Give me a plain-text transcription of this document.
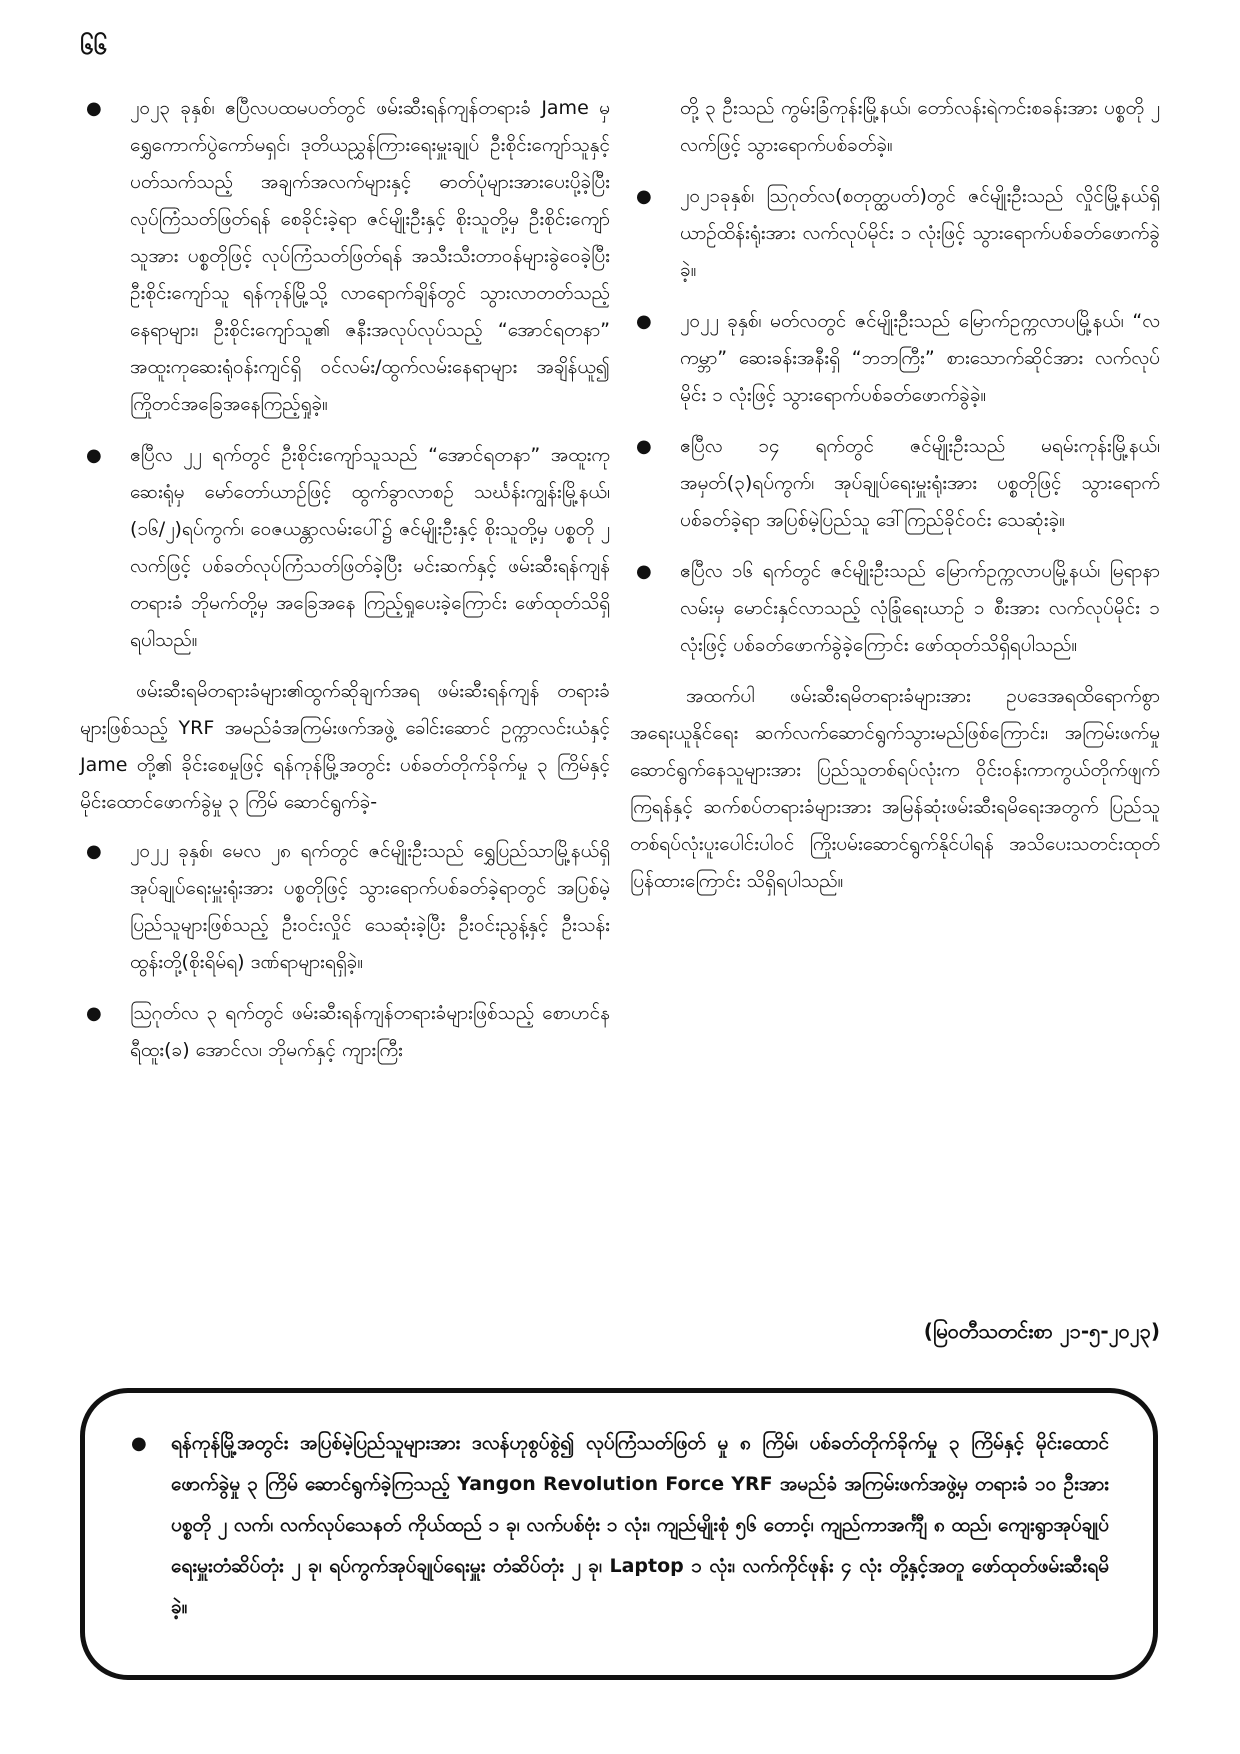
၆၆
● ၂၀၂၃ ခုနှစ်၊ ဧပြီလပထမပတ်တွင် ဖမ်းဆီးရန်ကျန်တရားခံ Jame မှ ရွှေကောက်ပွဲကော်မရှင်၊ ဒုတိယညွှန်ကြားရေးမှူးချုပ် ဦးစိုင်းကျော်သူနှင့်ပတ်သက်သည့် အချက်အလက်များနှင့် ဓာတ်ပုံများအားပေးပို့ခဲ့ပြီး လုပ်ကြံသတ်ဖြတ်ရန် စေခိုင်းခဲ့ရာ ဇင်မျိုးဦးနှင့် စိုးသူတို့မှ ဦးစိုင်းကျော်သူအား ပစ္စတိုဖြင့် လုပ်ကြံသတ်ဖြတ်ရန် အသီးသီးတာဝန်များခွဲဝေခဲ့ပြီး ဦးစိုင်းကျော်သူ ရန်ကုန်မြို့သို့ လာရောက်ချိန်တွင် သွားလာတတ်သည့် နေရာများ၊ ဦးစိုင်းကျော်သူ၏ ဇနီးအလုပ်လုပ်သည့် “အောင်ရတနာ” အထူးကုဆေးရုံဝန်းကျင်ရှိ ဝင်လမ်း/ထွက်လမ်းနေရာများ အချိန်ယူ၍ ကြိုတင်အခြေအနေကြည့်ရှုခဲ့။
● ဧပြီလ ၂၂ ရက်တွင် ဦးစိုင်းကျော်သူသည် “အောင်ရတနာ” အထူးကုဆေးရုံမှ မော်တော်ယာဉ်ဖြင့် ထွက်ခွာလာစဉ် သင်္ဃန်းကျွန်းမြို့နယ်၊ (၁၆/၂)ရပ်ကွက်၊ ဝေဇယန္တာလမ်းပေါ်၌ ဇင်မျိုးဦးနှင့် စိုးသူတို့မှ ပစ္စတို ၂ လက်ဖြင့် ပစ်ခတ်လုပ်ကြံသတ်ဖြတ်ခဲ့ပြီး မင်းဆက်နှင့် ဖမ်းဆီးရန်ကျန်တရားခံ ဘိုမက်တို့မှ အခြေအနေ ကြည့်ရှုပေးခဲ့ကြောင်း ဖော်ထုတ်သိရှိရပါသည်။

ဖမ်းဆီးရမိတရားခံများ၏ထွက်ဆိုချက်အရ ဖမ်းဆီးရန်ကျန် တရားခံများဖြစ်သည့် YRF အမည်ခံအကြမ်းဖက်အဖွဲ့ ခေါင်းဆောင် ဥက္ကာလင်းယံနှင့် Jame တို့၏ ခိုင်းစေမှုဖြင့် ရန်ကုန်မြို့အတွင်း ပစ်ခတ်တိုက်ခိုက်မှု ၃ ကြိမ်နှင့် မိုင်းထောင်ဖောက်ခွဲမှု ၃ ကြိမ် ဆောင်ရွက်ခဲ့-

● ၂၀၂၂ ခုနှစ်၊ မေလ ၂၈ ရက်တွင် ဇင်မျိုးဦးသည် ရွှေပြည်သာမြို့နယ်ရှိ အုပ်ချုပ်ရေးမှူးရုံးအား ပစ္စတိုဖြင့် သွားရောက်ပစ်ခတ်ခဲ့ရာတွင် အပြစ်မဲ့ပြည်သူများဖြစ်သည့် ဦးဝင်းလှိုင် သေဆုံးခဲ့ပြီး ဦးဝင်းညွန့်နှင့် ဦးသန်းထွန်းတို့(စိုးရိမ်ရ) ဒဏ်ရာများရရှိခဲ့။
● ဩဂုတ်လ ၃ ရက်တွင် ဖမ်းဆီးရန်ကျန်တရားခံများဖြစ်သည့် စောဟင်နရီထူး(ခ) အောင်လ၊ ဘိုမက်နှင့် ကျားကြီး
တို့ ၃ ဦးသည် ကွမ်းခြံကုန်းမြို့နယ်၊ တော်လန်းရဲကင်းစခန်းအား ပစ္စတို ၂ လက်ဖြင့် သွားရောက်ပစ်ခတ်ခဲ့။
● ၂၀၂၁ခုနှစ်၊ ဩဂုတ်လ(စတုတ္ထပတ်)တွင် ဇင်မျိုးဦးသည် လှိုင်မြို့နယ်ရှိ ယာဉ်ထိန်းရုံးအား လက်လုပ်မိုင်း ၁ လုံးဖြင့် သွားရောက်ပစ်ခတ်ဖောက်ခွဲခဲ့။
● ၂၀၂၂ ခုနှစ်၊ မတ်လတွင် ဇင်မျိုးဦးသည် မြောက်ဥက္ကလာပမြို့နယ်၊ “လကမ္ဘာ” ဆေးခန်းအနီးရှိ “ဘဘကြီး” စားသောက်ဆိုင်အား လက်လုပ်မိုင်း ၁ လုံးဖြင့် သွားရောက်ပစ်ခတ်ဖောက်ခွဲခဲ့။
● ဧပြီလ ၁၄ ရက်တွင် ဇင်မျိုးဦးသည် မရမ်းကုန်းမြို့နယ်၊ အမှတ်(၃)ရပ်ကွက်၊ အုပ်ချုပ်ရေးမှူးရုံးအား ပစ္စတိုဖြင့် သွားရောက်ပစ်ခတ်ခဲ့ရာ အပြစ်မဲ့ပြည်သူ ဒေါ်ကြည်ခိုင်ဝင်း သေဆုံးခဲ့။
● ဧပြီလ ၁၆ ရက်တွင် ဇင်မျိုးဦးသည် မြောက်ဥက္ကလာပမြို့နယ်၊ မြရာနာလမ်းမှ မောင်းနှင်လာသည့် လုံခြုံရေးယာဉ် ၁ စီးအား လက်လုပ်မိုင်း ၁ လုံးဖြင့် ပစ်ခတ်ဖောက်ခွဲခဲ့ကြောင်း ဖော်ထုတ်သိရှိရပါသည်။

အထက်ပါ ဖမ်းဆီးရမိတရားခံများအား ဥပဒေအရထိရောက်စွာအရေးယူနိုင်ရေး ဆက်လက်ဆောင်ရွက်သွားမည်ဖြစ်ကြောင်း၊ အကြမ်းဖက်မှုဆောင်ရွက်နေသူများအား ပြည်သူတစ်ရပ်လုံးက ဝိုင်းဝန်းကာကွယ်တိုက်ဖျက်ကြရန်နှင့် ဆက်စပ်တရားခံများအား အမြန်ဆုံးဖမ်းဆီးရမိရေးအတွက် ပြည်သူတစ်ရပ်လုံးပူးပေါင်းပါဝင် ကြိုးပမ်းဆောင်ရွက်နိုင်ပါရန် အသိပေးသတင်းထုတ်ပြန်ထားကြောင်း သိရှိရပါသည်။

(မြဝတီသတင်းစာ ၂၁-၅-၂၀၂၃)
● ရန်ကုန်မြို့အတွင်း အပြစ်မဲ့ပြည်သူများအား ဒလန်ဟုစွပ်စွဲ၍ လုပ်ကြံသတ်ဖြတ် မှု ၈ ကြိမ်၊ ပစ်ခတ်တိုက်ခိုက်မှု ၃ ကြိမ်နှင့် မိုင်းထောင် ဖောက်ခွဲမှု ၃ ကြိမ် ဆောင်ရွက်ခဲ့ကြသည့် Yangon Revolution Force YRF အမည်ခံ အကြမ်းဖက်အဖွဲ့မှ တရားခံ ၁၀ ဦးအား ပစ္စတို ၂ လက်၊ လက်လုပ်သေနတ် ကိုယ်ထည် ၁ ခု၊ လက်ပစ်ဗုံး ၁ လုံး၊ ကျည်မျိုးစုံ ၅၆ တောင့်၊ ကျည်ကာအင်္ကျီ ၈ ထည်၊ ကျေးရွာအုပ်ချုပ်ရေးမှူးတံဆိပ်တုံး ၂ ခု၊ ရပ်ကွက်အုပ်ချုပ်ရေးမှူး တံဆိပ်တုံး ၂ ခု၊ Laptop ၁ လုံး၊ လက်ကိုင်ဖုန်း ၄ လုံး တို့နှင့်အတူ ဖော်ထုတ်ဖမ်းဆီးရမိခဲ့။
